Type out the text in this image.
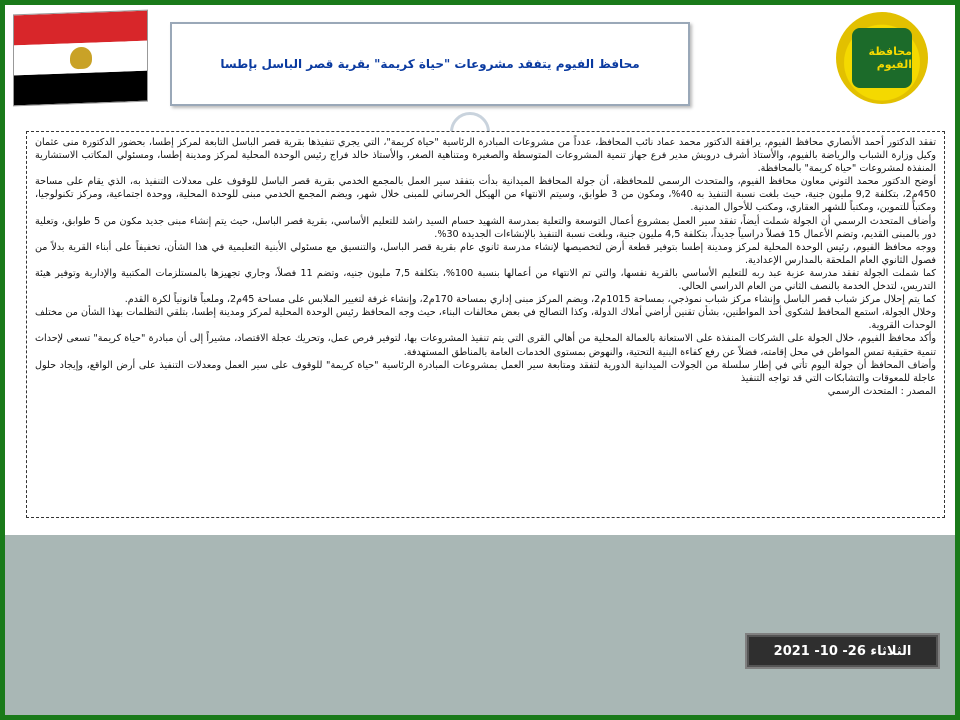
محافظ الفيوم يتفقد مشروعات "حياة كريمة" بقرية قصر الباسل بإطسا
محافظة الفيوم

تفقد الدكتور أحمد الأنصاري محافظ الفيوم، يرافقة الدكتور محمد عماد نائب المحافظ، عدداً من مشروعات المبادرة الرئاسية "حياة كريمة"، التي يجري تنفيذها بقرية قصر الباسل التابعة لمركز إطسا، بحضور الدكتورة منى عثمان وكيل وزارة الشباب والرياضة بالفيوم، والأستاذ أشرف درويش مدير فرع جهاز تنمية المشروعات المتوسطة والصغيرة ومتناهية الصغر، والأستاذ خالد فراج رئيس الوحدة المحلية لمركز ومدينة إطسا، ومسئولي المكاتب الاستشارية المنفذة لمشروعات "حياة كريمة" بالمحافظة.

أوضح الدكتور محمد التوني معاون محافظ الفيوم، والمتحدث الرسمي للمحافظة، أن جولة المحافظ الميدانية بدأت بتفقد سير العمل بالمجمع الخدمي بقرية قصر الباسل للوقوف على معدلات التنفيذ به، الذي يقام على مساحة 450م2، بتكلفة 9,2 مليون جنية، حيث بلغت نسبة التنفيذ به 40%، ومكون من 3 طوابق، وسيتم الانتهاء من الهيكل الخرساني للمبنى خلال شهر، ويضم المجمع الخدمي مبنى للوحدة المحلية، ووحدة اجتماعية، ومركز تكنولوجيا، ومكتباً للتموين، ومكتباً للشهر العقاري، ومكتب للأحوال المدنية.

وأضاف المتحدث الرسمي أن الجولة شملت أيضاً، تفقد سير العمل بمشروع أعمال التوسعة والتعلية بمدرسة الشهيد حسام السيد راشد للتعليم الأساسي، بقرية قصر الباسل، حيث يتم إنشاء مبنى جديد مكون من 5 طوابق، وتعلية دور بالمبنى القديم، وتضم الأعمال 15 فصلاً دراسياً جديداً، بتكلفة 4,5 مليون جنية، وبلغت نسبة التنفيذ بالإنشاءات الجديدة 30%.

ووجه محافظ الفيوم، رئيس الوحدة المحلية لمركز ومدينة إطسا بتوفير قطعة أرض لتخصيصها لإنشاء مدرسة ثانوي عام بقرية قصر الباسل، والتنسيق مع مسئولي الأبنية التعليمية في هذا الشأن، تخفيفاً على أبناء القرية بدلاً من فصول الثانوي العام الملحقة بالمدارس الإعدادية.

كما شملت الجولة تفقد مدرسة عزبة عبد ربه للتعليم الأساسي بالقرية نفسها، والتي تم الانتهاء من أعمالها بنسبة 100%، بتكلفة 7,5 مليون جنيه، وتضم 11 فصلاً، وجاري تجهيزها بالمستلزمات المكتبية والإدارية وتوفير هيئة التدريس، لتدخل الخدمة بالنصف الثاني من العام الدراسي الحالي.

كما يتم إحلال مركز شباب قصر الباسل وإنشاء مركز شباب نموذجي، بمساحة 1015م2، ويضم المركز مبنى إداري بمساحة 170م2، وإنشاء غرفة لتغيير الملابس على مساحة 45م2، وملعباً قانونياً لكرة القدم.

وخلال الجولة، استمع المحافظ لشكوى أحد المواطنين، بشأن تقنين أراضي أملاك الدولة، وكذا التصالح في بعض مخالفات البناء، حيث وجه المحافظ رئيس الوحدة المحلية لمركز ومدينة إطسا، بتلقي التظلمات بهذا الشأن من مختلف الوحدات القروية.

وأكد محافظ الفيوم، خلال الجولة على الشركات المنفذة على الاستعانة بالعمالة المحلية من أهالي القرى التي يتم تنفيذ المشروعات بها، لتوفير فرص عمل، وتحريك عجلة الاقتصاد، مشيراً إلى أن مبادرة "حياة كريمة" تسعى لإحداث تنمية حقيقية تمس المواطن في محل إقامته، فضلاً عن رفع كفاءة البنية التحتية، والنهوض بمستوى الخدمات العامة بالمناطق المستهدفة.

وأضاف المحافظ أن جولة اليوم تأتي في إطار سلسلة من الجولات الميدانية الدورية لتفقد ومتابعة سير العمل بمشروعات المبادرة الرئاسية "حياة كريمة" للوقوف على سير العمل ومعدلات التنفيذ على أرض الواقع، وإيجاد حلول عاجلة للمعوقات والتشابكات التي قد تواجه التنفيذ

المصدر : المتحدث الرسمي

الثلاثاء 26- 10- 2021
